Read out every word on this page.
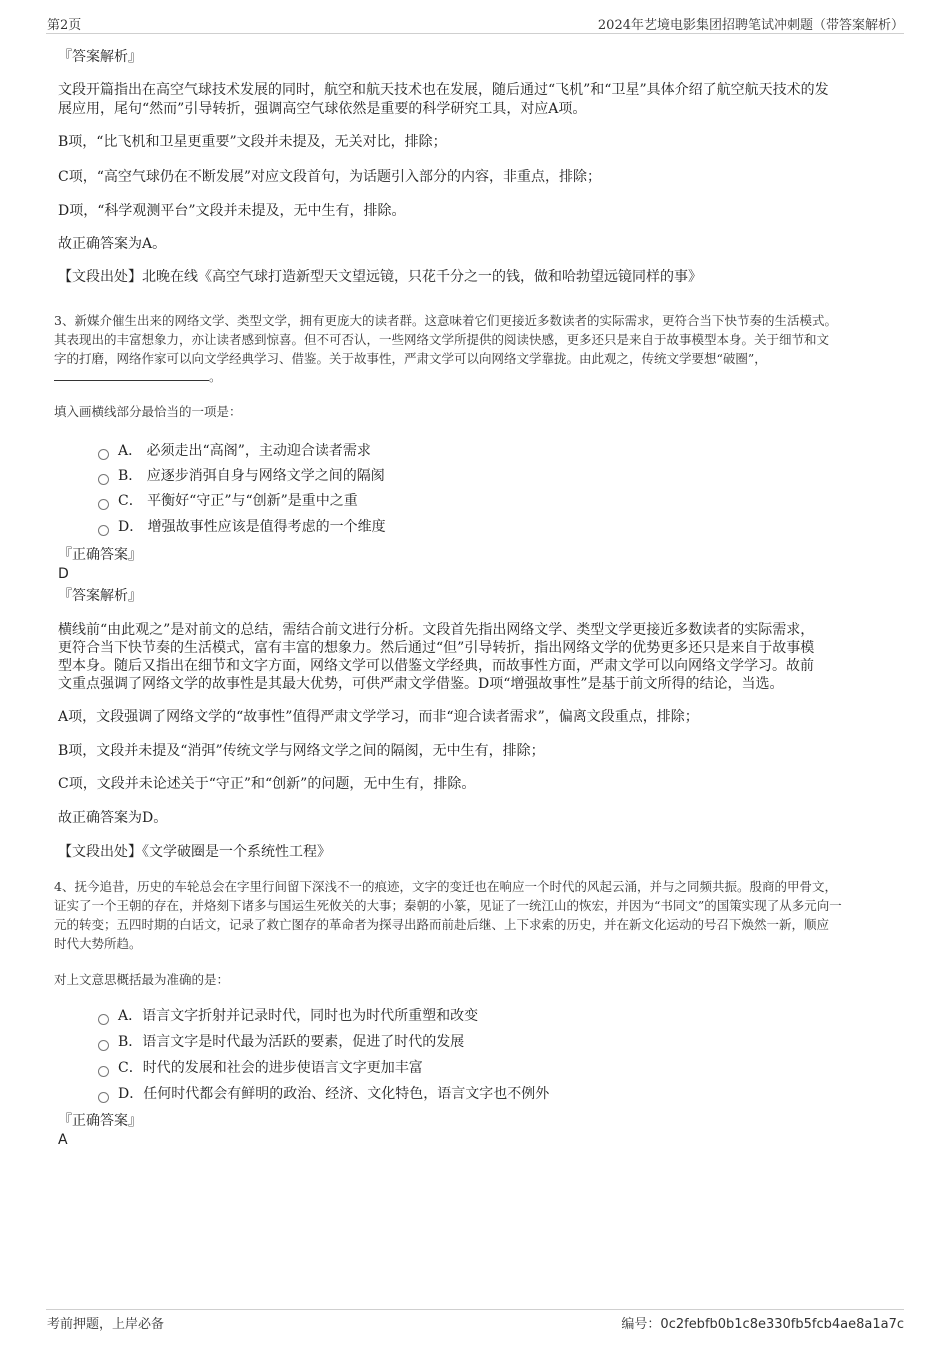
第2页	2024年艺境电影集团招聘笔试冲刺题（带答案解析）
『答案解析』
文段开篇指出在高空气球技术发展的同时，航空和航天技术也在发展，随后通过“飞机”和“卫星”具体介绍了航空航天技术的发
展应用，尾句“然而”引导转折，强调高空气球依然是重要的科学研究工具，对应A项。
B项，“比飞机和卫星更重要”文段并未提及，无关对比，排除；
C项，“高空气球仍在不断发展”对应文段首句，为话题引入部分的内容，非重点，排除；
D项，“科学观测平台”文段并未提及，无中生有，排除。
故正确答案为A。
【文段出处】北晚在线《高空气球打造新型天文望远镜，只花千分之一的钱，做和哈勃望远镜同样的事》
3、新媒介催生出来的网络文学、类型文学，拥有更庞大的读者群。这意味着它们更接近多数读者的实际需求，更符合当下快节奏的生活模式。
其表现出的丰富想象力，亦让读者感到惊喜。但不可否认，一些网络文学所提供的阅读快感，更多还只是来自于故事模型本身。关于细节和文
字的打磨，网络作家可以向文学经典学习、借鉴。关于故事性，严肃文学可以向网络文学靠拢。由此观之，传统文学要想“破圈”，
。
填入画横线部分最恰当的一项是：
A． 必须走出“高阁”，主动迎合读者需求
B． 应逐步消弭自身与网络文学之间的隔阂
C． 平衡好“守正”与“创新”是重中之重
D． 增强故事性应该是值得考虑的一个维度
『正确答案』
D
『答案解析』
横线前“由此观之”是对前文的总结，需结合前文进行分析。文段首先指出网络文学、类型文学更接近多数读者的实际需求，
更符合当下快节奏的生活模式，富有丰富的想象力。然后通过“但”引导转折，指出网络文学的优势更多还只是来自于故事模
型本身。随后又指出在细节和文字方面，网络文学可以借鉴文学经典，而故事性方面，严肃文学可以向网络文学学习。故前
文重点强调了网络文学的故事性是其最大优势，可供严肃文学借鉴。D项“增强故事性”是基于前文所得的结论，当选。
A项，文段强调了网络文学的“故事性”值得严肃文学学习，而非“迎合读者需求”，偏离文段重点，排除；
B项，文段并未提及“消弭”传统文学与网络文学之间的隔阂，无中生有，排除；
C项，文段并未论述关于“守正”和“创新”的问题，无中生有，排除。
故正确答案为D。
【文段出处】《文学破圈是一个系统性工程》
4、抚今追昔，历史的车轮总会在字里行间留下深浅不一的痕迹，文字的变迁也在响应一个时代的风起云涌，并与之同频共振。殷商的甲骨文，
证实了一个王朝的存在，并烙刻下诸多与国运生死攸关的大事；秦朝的小篆，见证了一统江山的恢宏，并因为“书同文”的国策实现了从多元向一
元的转变；五四时期的白话文，记录了救亡图存的革命者为探寻出路而前赴后继、上下求索的历史，并在新文化运动的号召下焕然一新，顺应
时代大势所趋。
对上文意思概括最为准确的是：
A．语言文字折射并记录时代，同时也为时代所重塑和改变
B．语言文字是时代最为活跃的要素，促进了时代的发展
C．时代的发展和社会的进步使语言文字更加丰富
D．任何时代都会有鲜明的政治、经济、文化特色，语言文字也不例外
『正确答案』
A
考前押题，上岸必备	编号：0c2febfb0b1c8e330fb5fcb4ae8a1a7c
